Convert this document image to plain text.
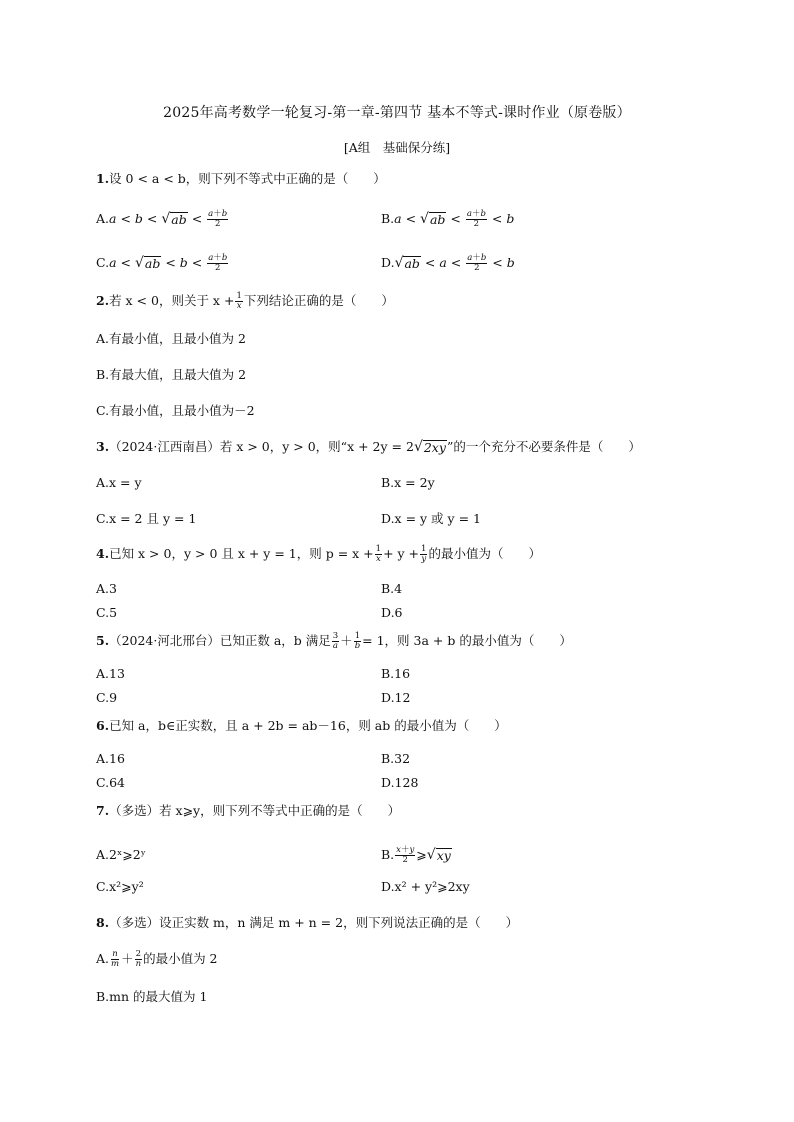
2025年高考数学一轮复习-第一章-第四节 基本不等式-课时作业（原卷版）
[A组　基础保分练]
1.设 0 < a < b，则下列不等式中正确的是（　　）
A.a < b < √ ab < $\frac{a+b}{2}$	B.a < √ ab < $\frac{a+b}{2} < b$
C.a < √ ab < $b < \frac{a+b}{2}$	D. √ ab < $a < \frac{a+b}{2} < b$
2.若 x < 0，则关于 $x + \frac{1}{x}$ 下列结论正确的是（　　）
A.有最小值，且最小值为 2
B.有最大值，且最大值为 2
C.有最小值，且最小值为－2
3.（2024·江西南昌）若 x > 0，y > 0，则“x + 2y = 2 √ 2xy ”的一个充分不必要条件是（　　）
A.x = y	B.x = 2y
C.x = 2 且 y = 1	D.x = y 或 y = 1
4.已知 x > 0，y > 0 且 x + y = 1，则 $p = x + \frac{1}{x} + y + \frac{1}{y}$ 的最小值为（　　）
A.3	B.4
C.5	D.6
5.（2024·河北邢台）已知正数 a，b 满足 $\frac{3}{a} + \frac{1}{b} = 1$，则 3a + b 的最小值为（　　）
A.13	B.16
C.9	D.12
6.已知 a，b∈正实数，且 a + 2b = ab－16，则 ab 的最小值为（　　）
A.16	B.32
C.64	D.128
7.（多选）若 x⩾y，则下列不等式中正确的是（　　）
A.2ˣ⩾2ʸ	B. $\frac{x+y}{2}$ ⩾ √ xy
C.x²⩾y²	D.x² + y²⩾2xy
8.（多选）设正实数 m，n 满足 m + n = 2，则下列说法正确的是（　　）
A. $\frac{n}{m} + \frac{2}{n}$ 的最小值为 2
B.mn 的最大值为 1
